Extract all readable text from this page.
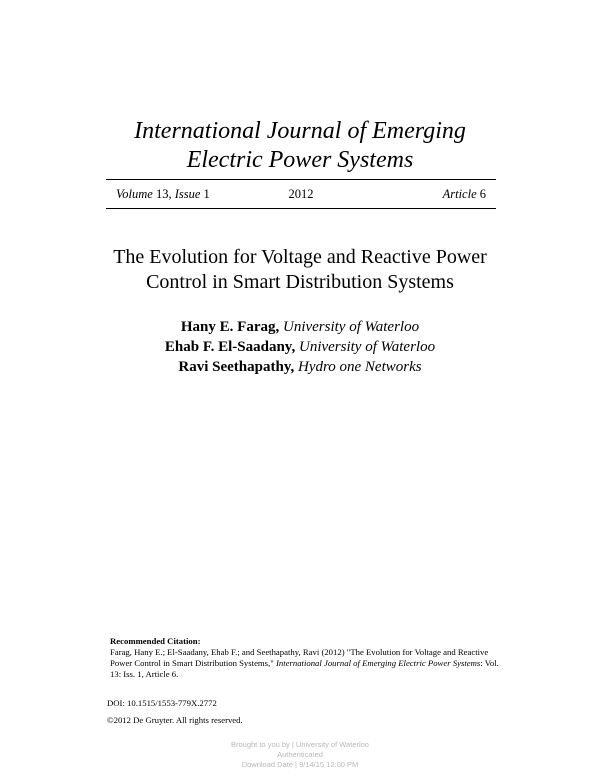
International Journal of Emerging
Electric Power Systems
Volume 13, Issue 1	2012	Article 6
The Evolution for Voltage and Reactive Power
Control in Smart Distribution Systems
Hany E. Farag, University of Waterloo
Ehab F. El-Saadany, University of Waterloo
Ravi Seethapathy, Hydro one Networks
Recommended Citation:
Farag, Hany E.; El-Saadany, Ehab F.; and Seethapathy, Ravi (2012) "The Evolution for Voltage and Reactive Power Control in Smart Distribution Systems," International Journal of Emerging Electric Power Systems: Vol. 13: Iss. 1, Article 6.
DOI: 10.1515/1553-779X.2772
©2012 De Gruyter. All rights reserved.
Brought to you by | University of Waterloo
Authenticated
Download Date | 9/14/15 12:00 PM
